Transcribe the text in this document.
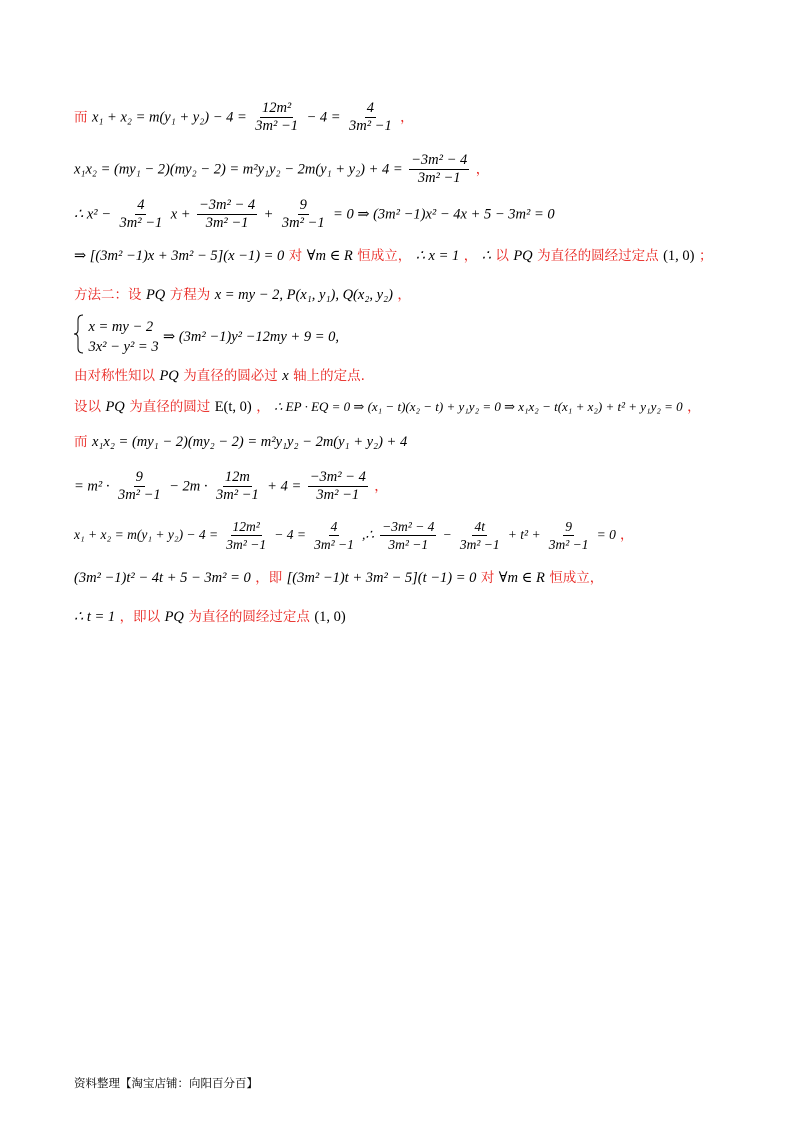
而 $x_1 + x_2 = m(y_1 + y_2) - 4 = \frac{\text{12m²}}{\text{3m² −1}} - 4 = \frac{4}{\text{3m² −1}}$ ，
$x_1x_2 = (my_1 - 2)(my_2 - 2) = m^2y_1y_2 - 2m(y_1 + y_2) + 4 = \frac{\text{−3m² − 4}}{\text{3m² −1}}$ ，
∴ $x^2 - \frac{4}{\text{3m² −1}}$ $x + \frac{\text{−3m² − 4}}{\text{3m² −1}} + \frac{9}{\text{3m² −1}} = 0$ ⇒ (3m² −1)x² − 4x + 5 − 3m² = 0
⇒ [(3m² −1)x + 3m² − 5](x −1) = 0 对 ∀m ∈ R 恒成立， ∴ x = 1 ， ∴ 以 PQ 为直径的圆经过定点 (1, 0) ；
方法二：设 PQ 方程为 x = my − 2, P(x₁, y₁), Q(x₂, y₂) ，

x = my − 2
3x² − y² = 3
⇒ (3m² −1)y² −12my + 9 = 0,
由对称性知以 PQ 为直径的圆必过 x 轴上的定点.
设以 PQ 为直径的圆过 E(t, 0) ， ∴ EP · EQ = 0 ⇒ (x₁ − t)(x₂ − t) + y₁y₂ = 0 ⇒ x₁x₂ − t(x₁ + x₂) + t² + y₁y₂ = 0 ，
而 x₁x₂ = (my₁ − 2)(my₂ − 2) = m²y₁y₂ − 2m(y₁ + y₂) + 4
= $m^2 \cdot \frac{9}{\text{3m² −1}} - 2m \cdot \frac{12m}{\text{3m² −1}} + 4 = \frac{\text{−3m² − 4}}{\text{3m² −1}}$ ，
$x_1 + x_2 = m(y_1 + y_2) - 4 = \frac{\text{12m²}}{\text{3m² −1}} - 4 = \frac{4}{\text{3m² −1}}$ ,∴ $\frac{\text{−3m² − 4}}{\text{3m² −1}} - \frac{4t}{\text{3m² −1}} + t^2 + \frac{9}{\text{3m² −1}} = 0$ ，
(3m² −1)t² − 4t + 5 − 3m² = 0 ，即 [(3m² −1)t + 3m² − 5](t −1) = 0 对 ∀m ∈ R 恒成立，
∴ t = 1 ，即以 PQ 为直径的圆经过定点 (1, 0)
资料整理【淘宝店铺：向阳百分百】
